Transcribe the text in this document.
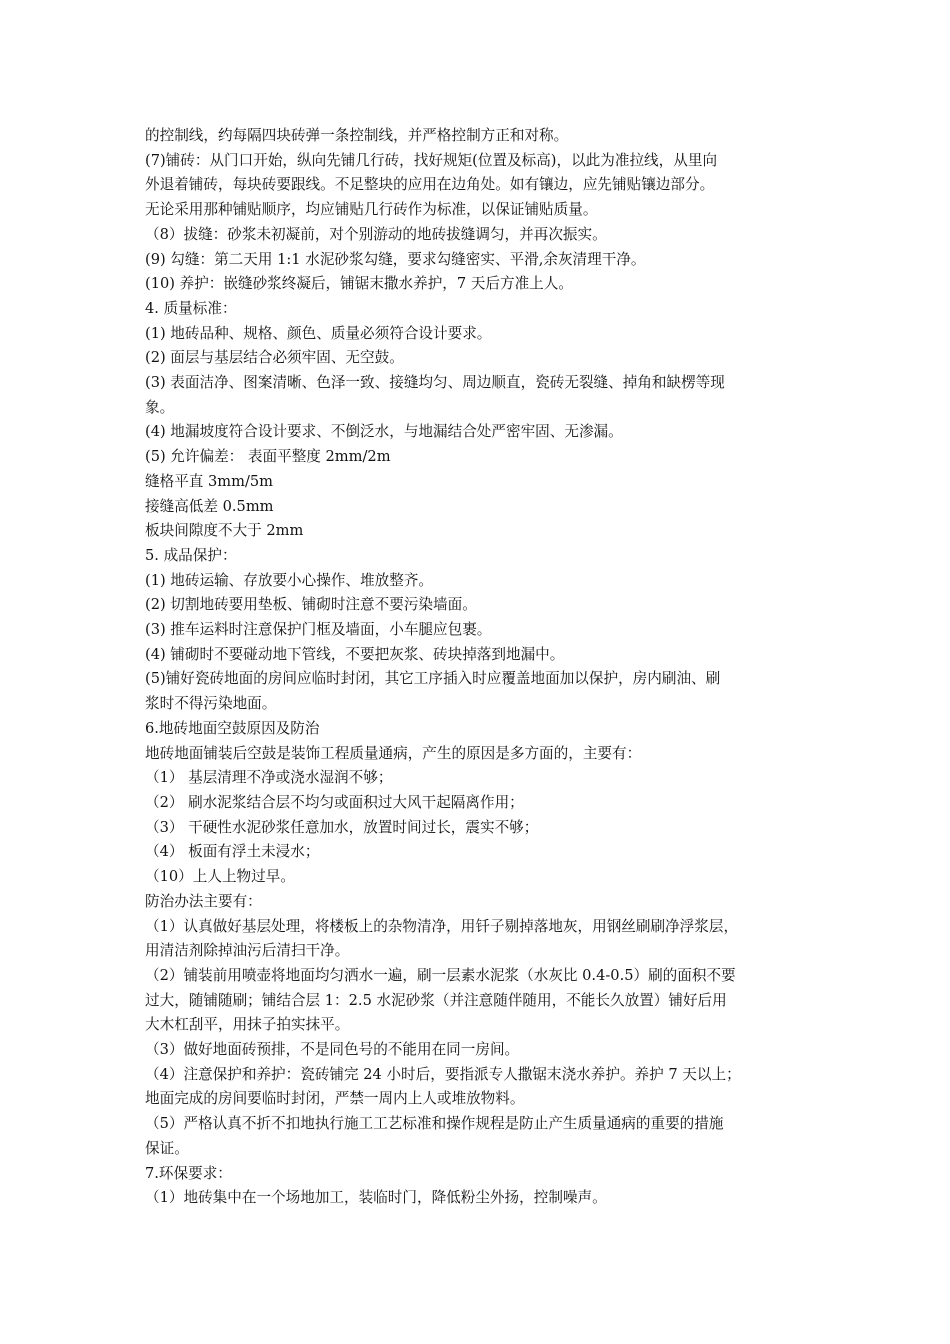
的控制线，约每隔四块砖弹一条控制线，并严格控制方正和对称。

(7)铺砖：从门口开始，纵向先铺几行砖，找好规矩(位置及标高)，以此为准拉线，从里向

外退着铺砖，每块砖要跟线。不足整块的应用在边角处。如有镶边，应先铺贴镶边部分。

无论采用那种铺贴顺序，均应铺贴几行砖作为标准，以保证铺贴质量。

（8）拔缝：砂浆未初凝前，对个别游动的地砖拔缝调匀，并再次振实。

(9) 勾缝：第二天用 1:1 水泥砂浆勾缝，要求勾缝密实、平滑,余灰清理干净。

(10) 养护：嵌缝砂浆终凝后，铺锯末撒水养护，7 天后方准上人。

4. 质量标准：

(1) 地砖品种、规格、颜色、质量必须符合设计要求。

(2) 面层与基层结合必须牢固、无空鼓。

(3) 表面洁净、图案清晰、色泽一致、接缝均匀、周边顺直，瓷砖无裂缝、掉角和缺楞等现

象。

(4) 地漏坡度符合设计要求、不倒泛水，与地漏结合处严密牢固、无渗漏。

(5) 允许偏差： 表面平整度 2mm/2m

缝格平直 3mm/5m

接缝高低差 0.5mm

板块间隙度不大于 2mm

5. 成品保护：

(1) 地砖运输、存放要小心操作、堆放整齐。

(2) 切割地砖要用垫板、铺砌时注意不要污染墙面。

(3) 推车运料时注意保护门框及墙面，小车腿应包裹。

(4) 铺砌时不要碰动地下管线，不要把灰浆、砖块掉落到地漏中。

(5)铺好瓷砖地面的房间应临时封闭，其它工序插入时应覆盖地面加以保护，房内刷油、刷

浆时不得污染地面。

6.地砖地面空鼓原因及防治

地砖地面铺装后空鼓是装饰工程质量通病，产生的原因是多方面的，主要有：

（1） 基层清理不净或浇水湿润不够；

（2） 刷水泥浆结合层不均匀或面积过大风干起隔离作用；

（3） 干硬性水泥砂浆任意加水，放置时间过长，震实不够；

（4） 板面有浮土未浸水；

（10）上人上物过早。

防治办法主要有：

（1）认真做好基层处理，将楼板上的杂物清净，用钎子剔掉落地灰，用钢丝刷刷净浮浆层，

用清洁剂除掉油污后清扫干净。

（2）铺装前用喷壶将地面均匀洒水一遍，刷一层素水泥浆（水灰比 0.4-0.5）刷的面积不要

过大，随铺随刷；铺结合层 1：2.5 水泥砂浆（并注意随伴随用，不能长久放置）铺好后用

大木杠刮平，用抹子拍实抹平。

（3）做好地面砖预排，不是同色号的不能用在同一房间。

（4）注意保护和养护：瓷砖铺完 24 小时后，要指派专人撒锯末浇水养护。养护 7 天以上；

地面完成的房间要临时封闭，严禁一周内上人或堆放物料。

（5）严格认真不折不扣地执行施工工艺标准和操作规程是防止产生质量通病的重要的措施

保证。

7.环保要求：

（1）地砖集中在一个场地加工，装临时门，降低粉尘外扬，控制噪声。
